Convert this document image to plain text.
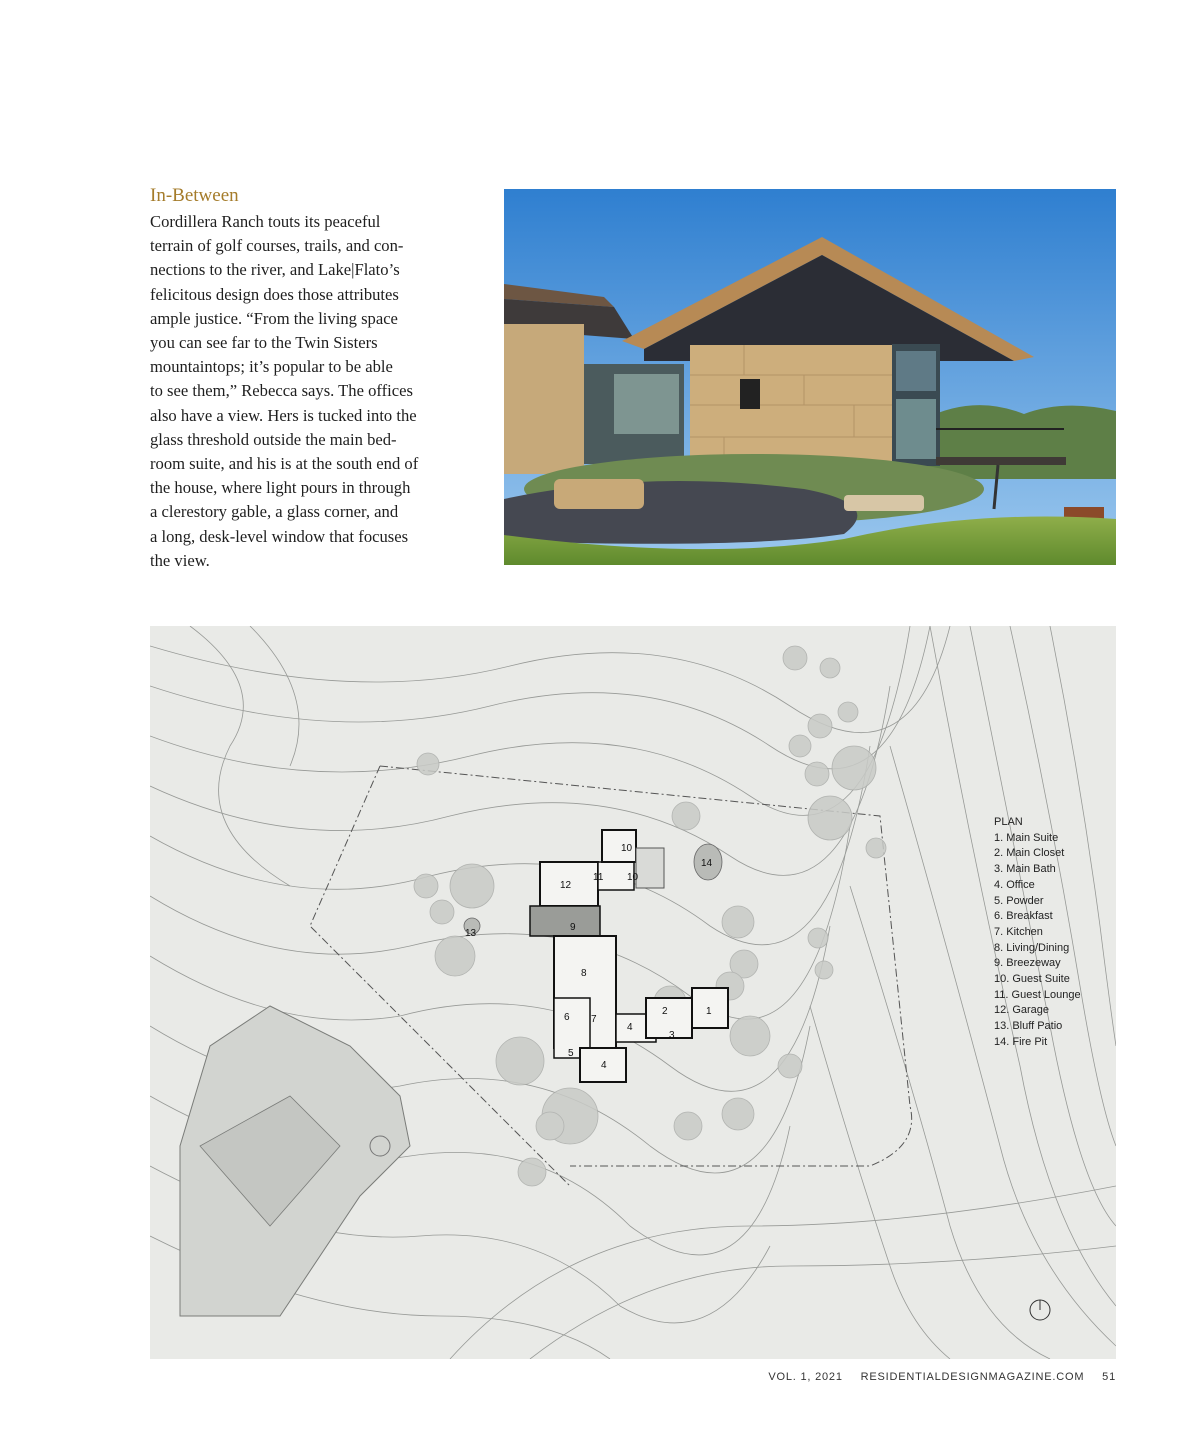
In-Between
Cordillera Ranch touts its peaceful
terrain of golf courses, trails, and con-
nections to the river, and Lake|Flato’s
felicitous design does those attributes
ample justice. “From the living space
you can see far to the Twin Sisters
mountaintops; it’s popular to be able
to see them,” Rebecca says. The offices
also have a view. Hers is tucked into the
glass threshold outside the main bed-
room suite, and his is at the south end of
the house, where light pours in through
a clerestory gable, a glass corner, and
a long, desk-level window that focuses
the view.
10
11 10
12
14
9
13
8
6 7
4
2	1
5
3
4
PLAN
1. Main Suite
2. Main Closet
3. Main Bath
4. Office
5. Powder
6. Breakfast
7. Kitchen
8. Living/Dining
9. Breezeway
10. Guest Suite
11. Guest Lounge
12. Garage
13. Bluff Patio
14. Fire Pit
VOL. 1, 2021 RESIDENTIALDESIGNMAGAZINE.COM 51
